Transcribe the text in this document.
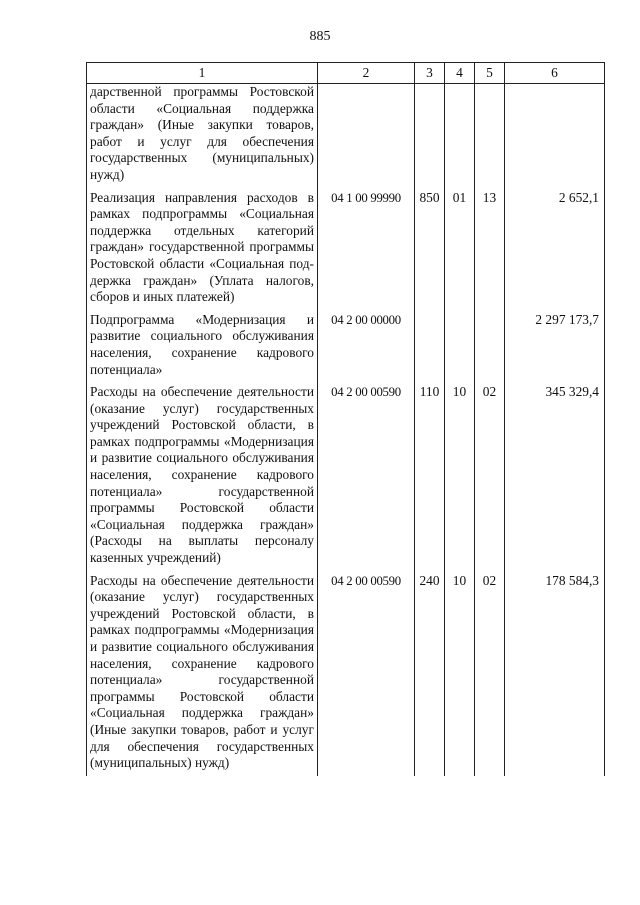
885
1	2	3	4	5	6
дарственной программы Ростовской области «Социальная поддержка граждан» (Иные закупки товаров, работ и услуг для обеспечения государственных (муниципальных) нужд)					
Реализация направления расходов в рамках подпрограммы «Социальная поддержка отдельных категорий граждан» государственной программы Ростовской области «Социальная поддержка граждан» (Уплата налогов, сборов и иных платежей)	04 1 00 99990	850	01	13	2 652,1
Подпрограмма «Модернизация и развитие социального обслуживания населения, сохранение кадрового потенциала»	04 2 00 00000				2 297 173,7
Расходы на обеспечение деятельности (оказание услуг) государственных учреждений Ростовской области, в рамках подпрограммы «Модернизация и развитие социального обслуживания населения, сохранение кадрового потенциала» государственной программы Ростовской области «Социальная поддержка граждан» (Расходы на выплаты персоналу казенных учреждений)	04 2 00 00590	110	10	02	345 329,4
Расходы на обеспечение деятельности (оказание услуг) государственных учреждений Ростовской области, в рамках подпрограммы «Модернизация и развитие социального обслуживания населения, сохранение кадрового потенциала» государственной программы Ростовской области «Социальная поддержка граждан» (Иные закупки товаров, работ и услуг для обеспечения государственных (муниципальных) нужд)	04 2 00 00590	240	10	02	178 584,3
